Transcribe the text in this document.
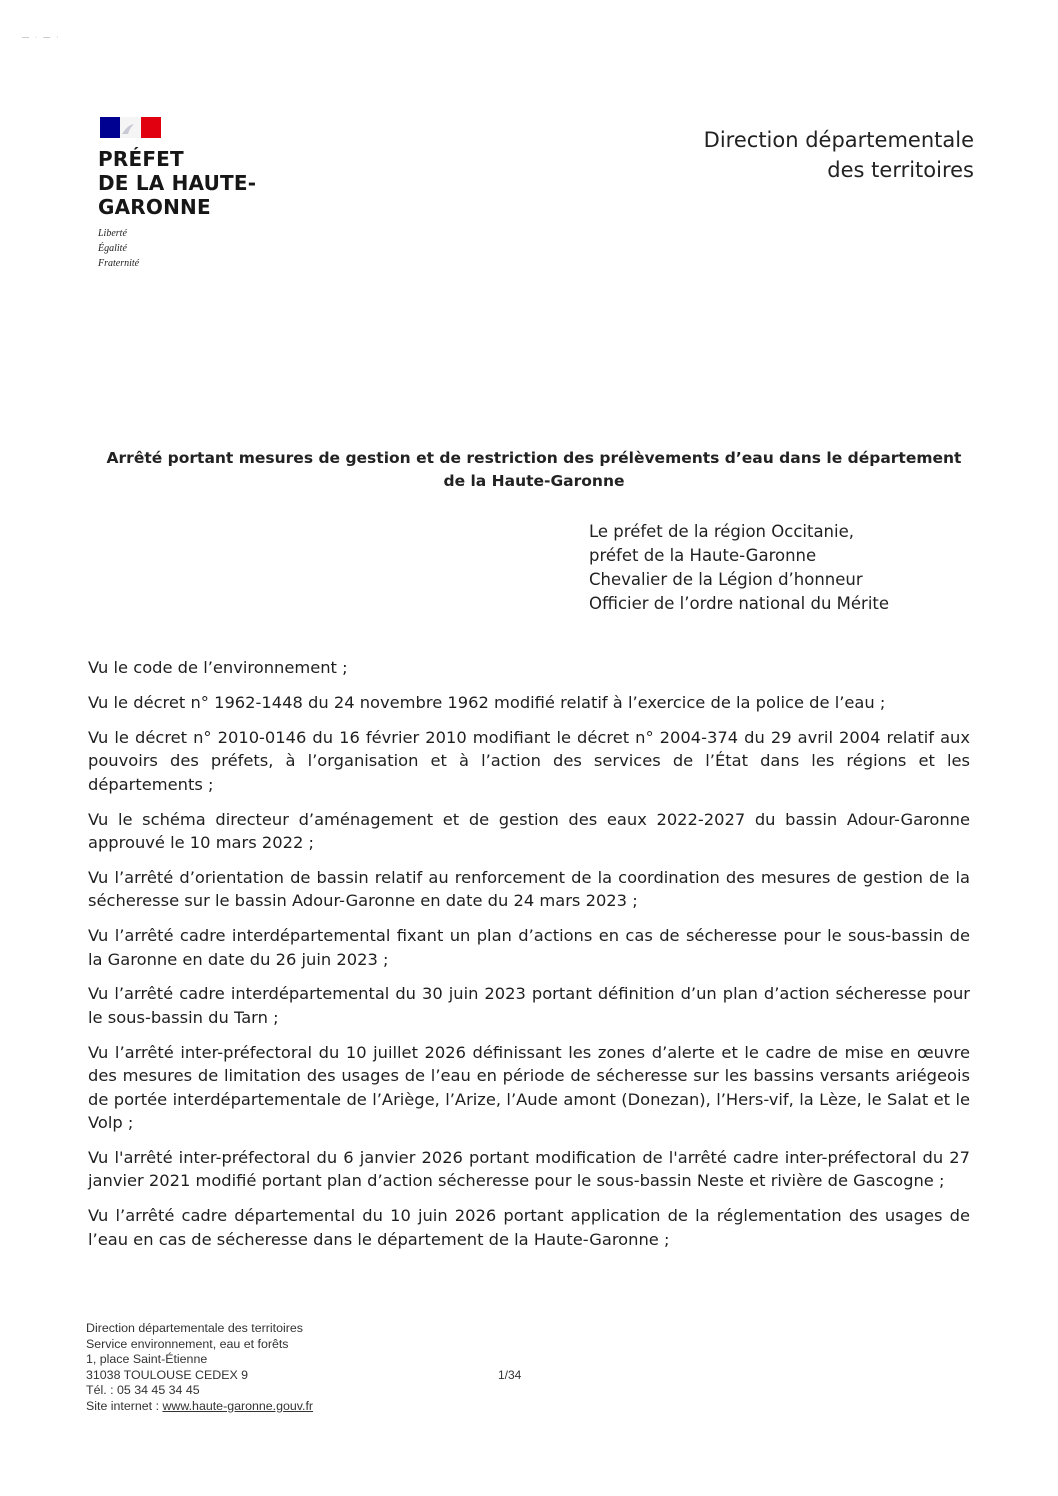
— · — ·
PRÉFET
DE LA HAUTE-
GARONNE
Liberté
Égalité
Fraternité
Direction départementale
des territoires
Arrêté portant mesures de gestion et de restriction des prélèvements d’eau dans le département de la Haute-Garonne
Le préfet de la région Occitanie,
préfet de la Haute-Garonne
Chevalier de la Légion d’honneur
Officier de l’ordre national du Mérite
Vu le code de l’environnement ;
Vu le décret n° 1962-1448 du 24 novembre 1962 modifié relatif à l’exercice de la police de l’eau ;
Vu le décret n° 2010-0146 du 16 février 2010 modifiant le décret n° 2004-374 du 29 avril 2004 relatif aux pouvoirs des préfets, à l’organisation et à l’action des services de l’État dans les régions et les départements ;
Vu le schéma directeur d’aménagement et de gestion des eaux 2022-2027 du bassin Adour-Garonne approuvé le 10 mars 2022 ;
Vu l’arrêté d’orientation de bassin relatif au renforcement de la coordination des mesures de gestion de la sécheresse sur le bassin Adour-Garonne en date du 24 mars 2023 ;
Vu l’arrêté cadre interdépartemental fixant un plan d’actions en cas de sécheresse pour le sous-bassin de la Garonne en date du 26 juin 2023 ;
Vu l’arrêté cadre interdépartemental du 30 juin 2023 portant définition d’un plan d’action sécheresse pour le sous-bassin du Tarn ;
Vu l’arrêté inter-préfectoral du 10 juillet 2026 définissant les zones d’alerte et le cadre de mise en œuvre des mesures de limitation des usages de l’eau en période de sécheresse sur les bassins versants ariégeois de portée interdépartementale de l’Ariège, l’Arize, l’Aude amont (Donezan), l’Hers-vif, la Lèze, le Salat et le Volp ;
Vu l'arrêté inter-préfectoral du 6 janvier 2026 portant modification de l'arrêté cadre inter-préfectoral du 27 janvier 2021 modifié portant plan d’action sécheresse pour le sous-bassin Neste et rivière de Gascogne ;
Vu l’arrêté cadre départemental du 10 juin 2026 portant application de la réglementation des usages de l’eau en cas de sécheresse dans le département de la Haute-Garonne ;
Direction départementale des territoires
Service environnement, eau et forêts
1, place Saint-Étienne
31038 TOULOUSE CEDEX 9
Tél. : 05 34 45 34 45
Site internet : www.haute-garonne.gouv.fr
1/34
